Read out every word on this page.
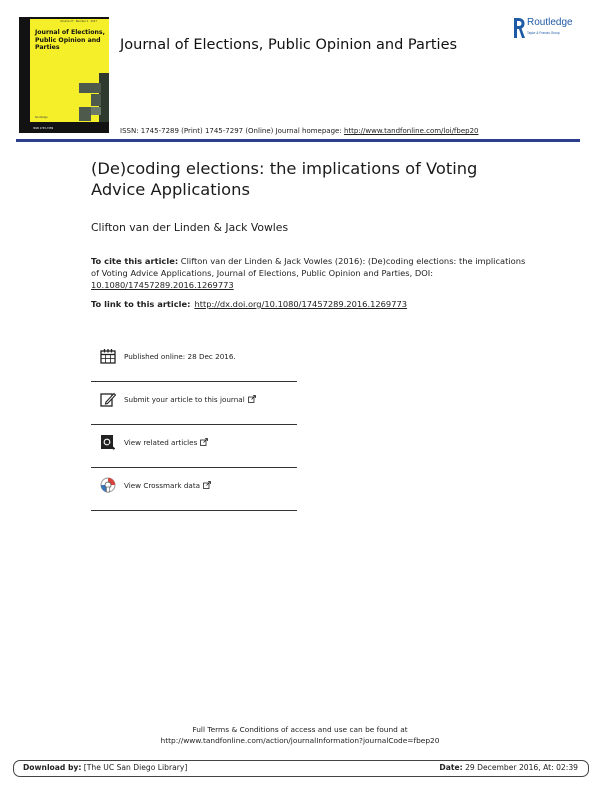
Volume 27 · Number 1 · 2017
Journal of Elections, Public Opinion and Parties
Routledge
ISSN 1745-7289
Journal of Elections, Public Opinion and Parties
Routledge
Taylor & Francis Group
ISSN: 1745-7289 (Print) 1745-7297 (Online) Journal homepage: http://www.tandfonline.com/loi/fbep20
(De)coding elections: the implications of Voting Advice Applications
Clifton van der Linden & Jack Vowles
To cite this article: Clifton van der Linden & Jack Vowles (2016): (De)coding elections: the implications of Voting Advice Applications, Journal of Elections, Public Opinion and Parties, DOI: 10.1080/17457289.2016.1269773
To link to this article: http://dx.doi.org/10.1080/17457289.2016.1269773
Published online: 28 Dec 2016.
Submit your article to this journal
View related articles
View Crossmark data
Full Terms & Conditions of access and use can be found at
http://www.tandfonline.com/action/journalInformation?journalCode=fbep20
Download by: [The UC San Diego Library]	Date: 29 December 2016, At: 02:39
